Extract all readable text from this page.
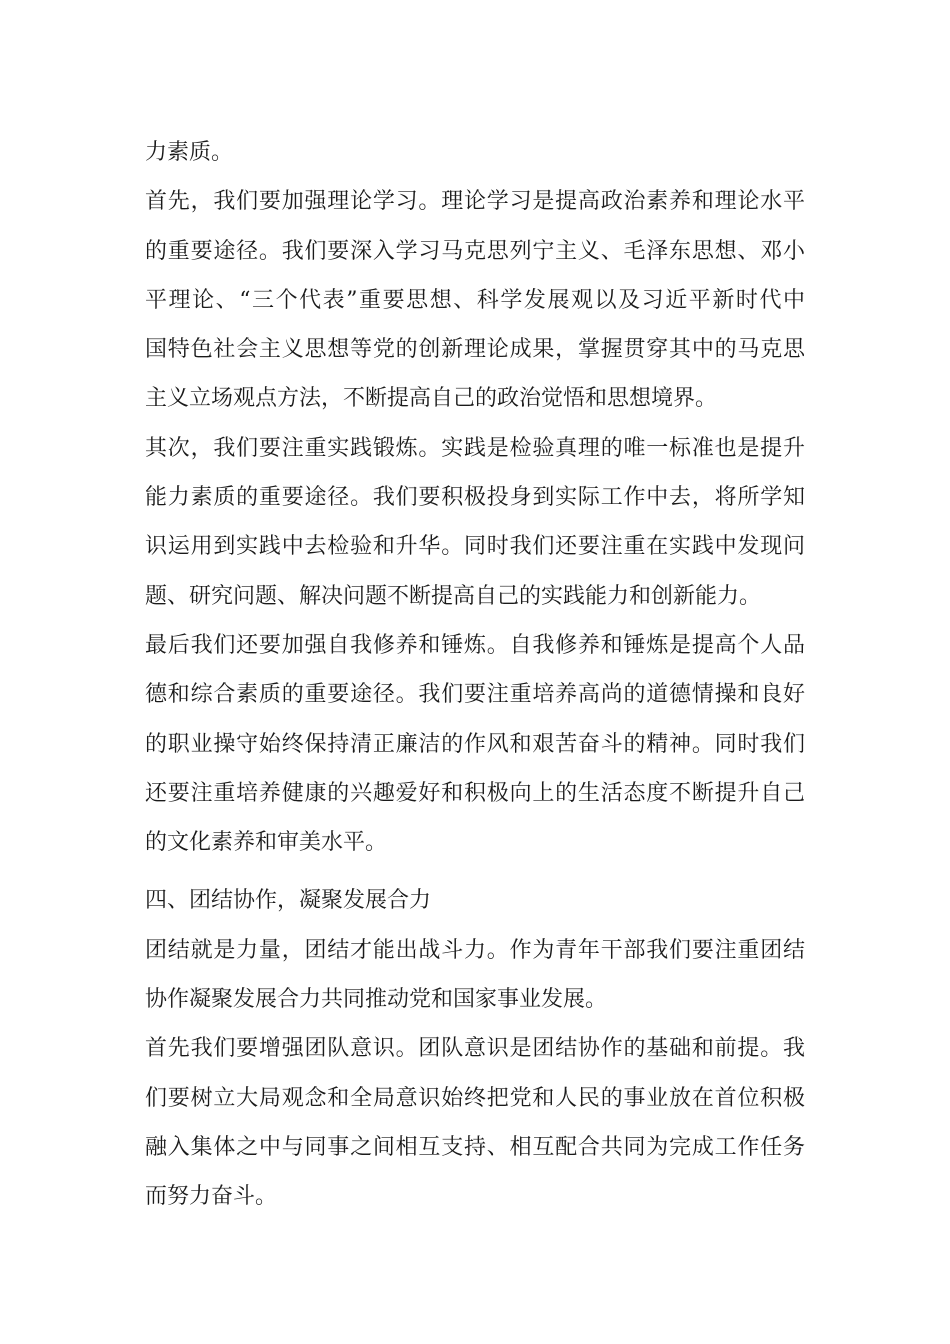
力素质。
首先，我们要加强理论学习。理论学习是提高政治素养和理论水平
的重要途径。我们要深入学习马克思列宁主义、毛泽东思想、邓小
平理论、“三个代表”重要思想、科学发展观以及习近平新时代中
国特色社会主义思想等党的创新理论成果，掌握贯穿其中的马克思
主义立场观点方法，不断提高自己的政治觉悟和思想境界。
其次，我们要注重实践锻炼。实践是检验真理的唯一标准也是提升
能力素质的重要途径。我们要积极投身到实际工作中去，将所学知
识运用到实践中去检验和升华。同时我们还要注重在实践中发现问
题、研究问题、解决问题不断提高自己的实践能力和创新能力。
最后我们还要加强自我修养和锤炼。自我修养和锤炼是提高个人品
德和综合素质的重要途径。我们要注重培养高尚的道德情操和良好
的职业操守始终保持清正廉洁的作风和艰苦奋斗的精神。同时我们
还要注重培养健康的兴趣爱好和积极向上的生活态度不断提升自己
的文化素养和审美水平。
四、团结协作，凝聚发展合力
团结就是力量，团结才能出战斗力。作为青年干部我们要注重团结
协作凝聚发展合力共同推动党和国家事业发展。
首先我们要增强团队意识。团队意识是团结协作的基础和前提。我
们要树立大局观念和全局意识始终把党和人民的事业放在首位积极
融入集体之中与同事之间相互支持、相互配合共同为完成工作任务
而努力奋斗。
